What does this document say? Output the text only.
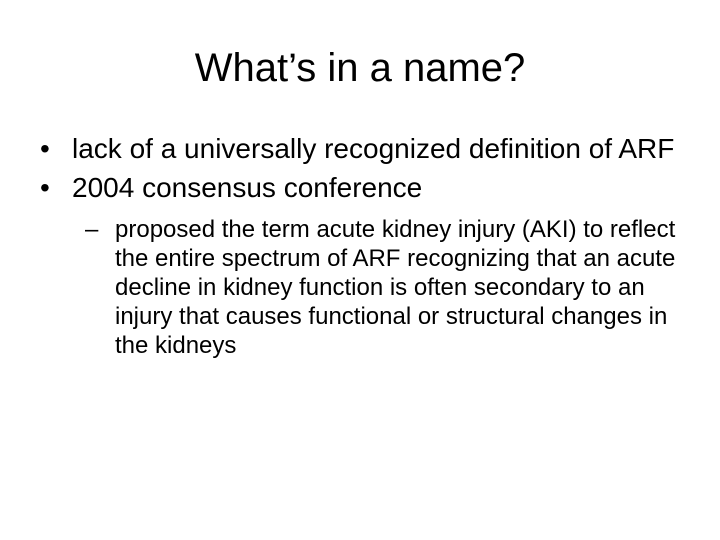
What’s in a name?
• lack of a universally recognized definition of ARF
• 2004 consensus conference
– proposed the term acute kidney injury (AKI) to reflect the entire spectrum of ARF recognizing that an acute decline in kidney function is often secondary to an injury that causes functional or structural changes in the kidneys
